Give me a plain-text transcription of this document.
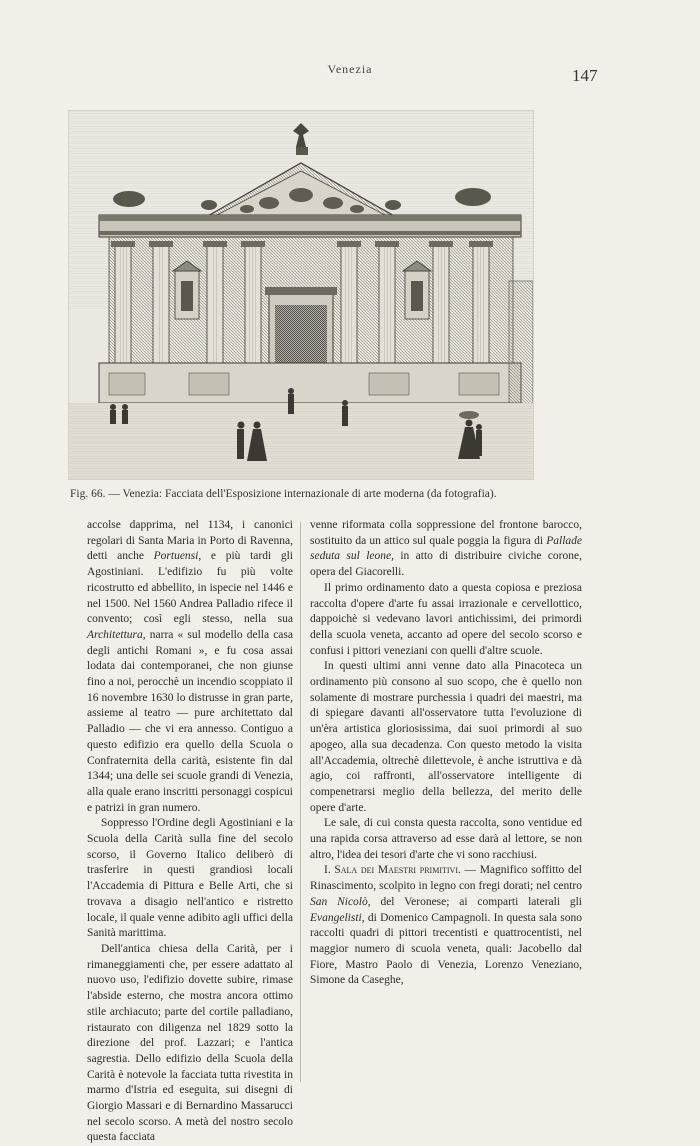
Venezia	147
Fig. 66. — Venezia: Facciata dell'Esposizione internazionale di arte moderna (da fotografia).

accolse dapprima, nel 1134, i canonici regolari di Santa Maria in Porto di Ravenna, detti anche Portuensi, e più tardi gli Agostiniani. L'edifizio fu più volte ricostrutto ed abbellito, in ispecie nel 1446 e nel 1500. Nel 1560 Andrea Palladio rifece il convento; così egli stesso, nella sua Architettura, narra « sul modello della casa degli antichi Romani », e fu cosa assai lodata dai contemporanei, che non giunse fino a noi, perocchè un incendio scoppiato il 16 novembre 1630 lo distrusse in gran parte, assieme al teatro — pure architettato dal Palladio — che vi era annesso. Contiguo a questo edifizio era quello della Scuola o Confraternita della carità, esistente fin dal 1344; una delle sei scuole grandi di Venezia, alla quale erano inscritti personaggi cospicui e patrizi in gran numero.

Soppresso l'Ordine degli Agostiniani e la Scuola della Carità sulla fine del secolo scorso, il Governo Italico deliberò di trasferire in questi grandiosi locali l'Accademia di Pittura e Belle Arti, che si trovava a disagio nell'antico e ristretto locale, il quale venne adibito agli uffici della Sanità marittima.

Dell'antica chiesa della Carità, per i rimaneggiamenti che, per essere adattato al nuovo uso, l'edifizio dovette subire, rimase l'abside esterno, che mostra ancora ottimo stile archiacuto; parte del cortile palladiano, ristaurato con diligenza nel 1829 sotto la direzione del prof. Lazzari; e l'antica sagrestia. Dello edifizio della Scuola della Carità è notevole la facciata tutta rivestita in marmo d'Istria ed eseguita, sui disegni di Giorgio Massari e di Bernardino Massarucci nel secolo scorso. A metà del nostro secolo questa facciata

venne riformata colla soppressione del frontone barocco, sostituito da un attico sul quale poggia la figura di Pallade seduta sul leone, in atto di distribuire civiche corone, opera del Giacorelli.

Il primo ordinamento dato a questa copiosa e preziosa raccolta d'opere d'arte fu assai irrazionale e cervellottico, dappoichè si vedevano lavori antichissimi, dei primordi della scuola veneta, accanto ad opere del secolo scorso e confusi i pittori veneziani con quelli d'altre scuole.

In questi ultimi anni venne dato alla Pinacoteca un ordinamento più consono al suo scopo, che è quello non solamente di mostrare purchessia i quadri dei maestri, ma di spiegare davanti all'osservatore tutta l'evoluzione di un'èra artistica gloriosissima, dai suoi primordi al suo apogeo, alla sua decadenza. Con questo metodo la visita all'Accademia, oltrechè dilettevole, è anche istruttiva e dà agio, coi raffronti, all'osservatore intelligente di compenetrarsi meglio della bellezza, del merito delle opere d'arte.

Le sale, di cui consta questa raccolta, sono ventidue ed una rapida corsa attraverso ad esse darà al lettore, se non altro, l'idea dei tesori d'arte che vi sono racchiusi.

I. Sala dei Maestri primitivi. — Magnifico soffitto del Rinascimento, scolpito in legno con fregi dorati; nel centro San Nicolò, del Veronese; ai comparti laterali gli Evangelisti, di Domenico Campagnoli. In questa sala sono raccolti quadri di pittori trecentisti e quattrocentisti, nel maggior numero di scuola veneta, quali: Jacobello dal Fiore, Mastro Paolo di Venezia, Lorenzo Veneziano, Simone da Caseghe,
